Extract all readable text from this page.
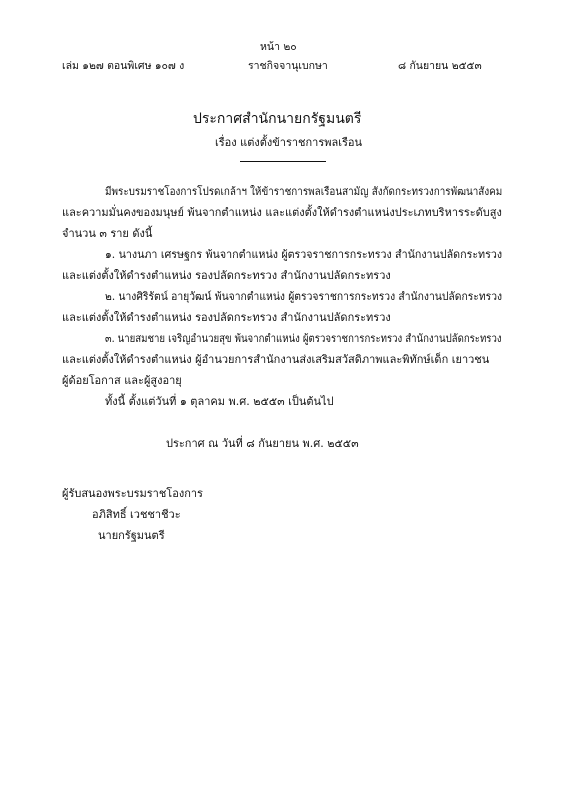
หน้า ๒๐
เล่ม ๑๒๗ ตอนพิเศษ ๑๐๗ ง	ราชกิจจานุเบกษา	๘ กันยายน ๒๕๕๓
ประกาศสำนักนายกรัฐมนตรี
เรื่อง แต่งตั้งข้าราชการพลเรือน
มีพระบรมราชโองการโปรดเกล้าฯ ให้ข้าราชการพลเรือนสามัญ สังกัดกระทรวงการพัฒนาสังคม
และความมั่นคงของมนุษย์ พ้นจากตำแหน่ง และแต่งตั้งให้ดำรงตำแหน่งประเภทบริหารระดับสูง
จำนวน ๓ ราย ดังนี้
๑. นางนภา เศรษฐกร พ้นจากตำแหน่ง ผู้ตรวจราชการกระทรวง สำนักงานปลัดกระทรวง
และแต่งตั้งให้ดำรงตำแหน่ง รองปลัดกระทรวง สำนักงานปลัดกระทรวง
๒. นางศิริรัตน์ อายุวัฒน์ พ้นจากตำแหน่ง ผู้ตรวจราชการกระทรวง สำนักงานปลัดกระทรวง
และแต่งตั้งให้ดำรงตำแหน่ง รองปลัดกระทรวง สำนักงานปลัดกระทรวง
๓. นายสมชาย เจริญอำนวยสุข พ้นจากตำแหน่ง ผู้ตรวจราชการกระทรวง สำนักงานปลัดกระทรวง
และแต่งตั้งให้ดำรงตำแหน่ง ผู้อำนวยการสำนักงานส่งเสริมสวัสดิภาพและพิทักษ์เด็ก เยาวชน
ผู้ด้อยโอกาส และผู้สูงอายุ
ทั้งนี้ ตั้งแต่วันที่ ๑ ตุลาคม พ.ศ. ๒๕๕๓ เป็นต้นไป
ประกาศ ณ วันที่ ๘ กันยายน พ.ศ. ๒๕๕๓
ผู้รับสนองพระบรมราชโองการ
อภิสิทธิ์ เวชชาชีวะ
นายกรัฐมนตรี
